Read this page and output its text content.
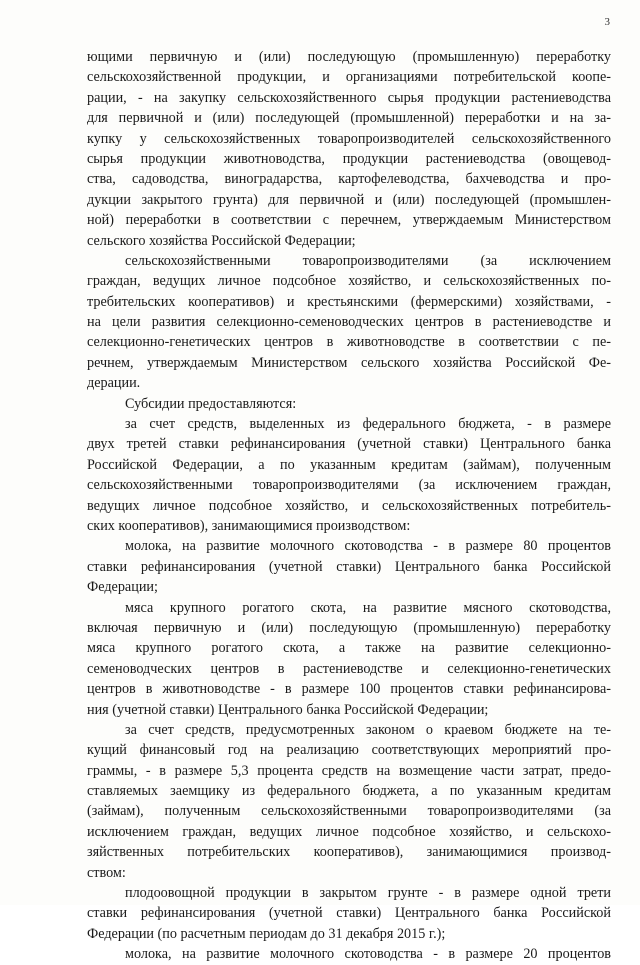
3
ющими первичную и (или) последующую (промышленную) переработку
сельскохозяйственной продукции, и организациями потребительской коопе-
рации, - на закупку сельскохозяйственного сырья продукции растениеводства
для первичной и (или) последующей (промышленной) переработки и на за-
купку у сельскохозяйственных товаропроизводителей сельскохозяйственного
сырья продукции животноводства, продукции растениеводства (овощевод-
ства, садоводства, виноградарства, картофелеводства, бахчеводства и про-
дукции закрытого грунта) для первичной и (или) последующей (промышлен-
ной) переработки в соответствии с перечнем, утверждаемым Министерством
сельского хозяйства Российской Федерации;
сельскохозяйственными товаропроизводителями (за исключением
граждан, ведущих личное подсобное хозяйство, и сельскохозяйственных по-
требительских кооперативов) и крестьянскими (фермерскими) хозяйствами, -
на цели развития селекционно-семеноводческих центров в растениеводстве и
селекционно-генетических центров в животноводстве в соответствии с пе-
речнем, утверждаемым Министерством сельского хозяйства Российской Фе-
дерации.
Субсидии предоставляются:
за счет средств, выделенных из федерального бюджета, - в размере
двух третей ставки рефинансирования (учетной ставки) Центрального банка
Российской Федерации, а по указанным кредитам (займам), полученным
сельскохозяйственными товаропроизводителями (за исключением граждан,
ведущих личное подсобное хозяйство, и сельскохозяйственных потребитель-
ских кооперативов), занимающимися производством:
молока, на развитие молочного скотоводства - в размере 80 процентов
ставки рефинансирования (учетной ставки) Центрального банка Российской
Федерации;
мяса крупного рогатого скота, на развитие мясного скотоводства,
включая первичную и (или) последующую (промышленную) переработку
мяса крупного рогатого скота, а также на развитие селекционно-
семеноводческих центров в растениеводстве и селекционно-генетических
центров в животноводстве - в размере 100 процентов ставки рефинансирова-
ния (учетной ставки) Центрального банка Российской Федерации;
за счет средств, предусмотренных законом о краевом бюджете на те-
кущий финансовый год на реализацию соответствующих мероприятий про-
граммы, - в размере 5,3 процента средств на возмещение части затрат, предо-
ставляемых заемщику из федерального бюджета, а по указанным кредитам
(займам), полученным сельскохозяйственными товаропроизводителями (за
исключением граждан, ведущих личное подсобное хозяйство, и сельскохо-
зяйственных потребительских кооперативов), занимающимися производ-
ством:
плодоовощной продукции в закрытом грунте - в размере одной трети
ставки рефинансирования (учетной ставки) Центрального банка Российской
Федерации (по расчетным периодам до 31 декабря 2015 г.);
молока, на развитие молочного скотоводства - в размере 20 процентов
